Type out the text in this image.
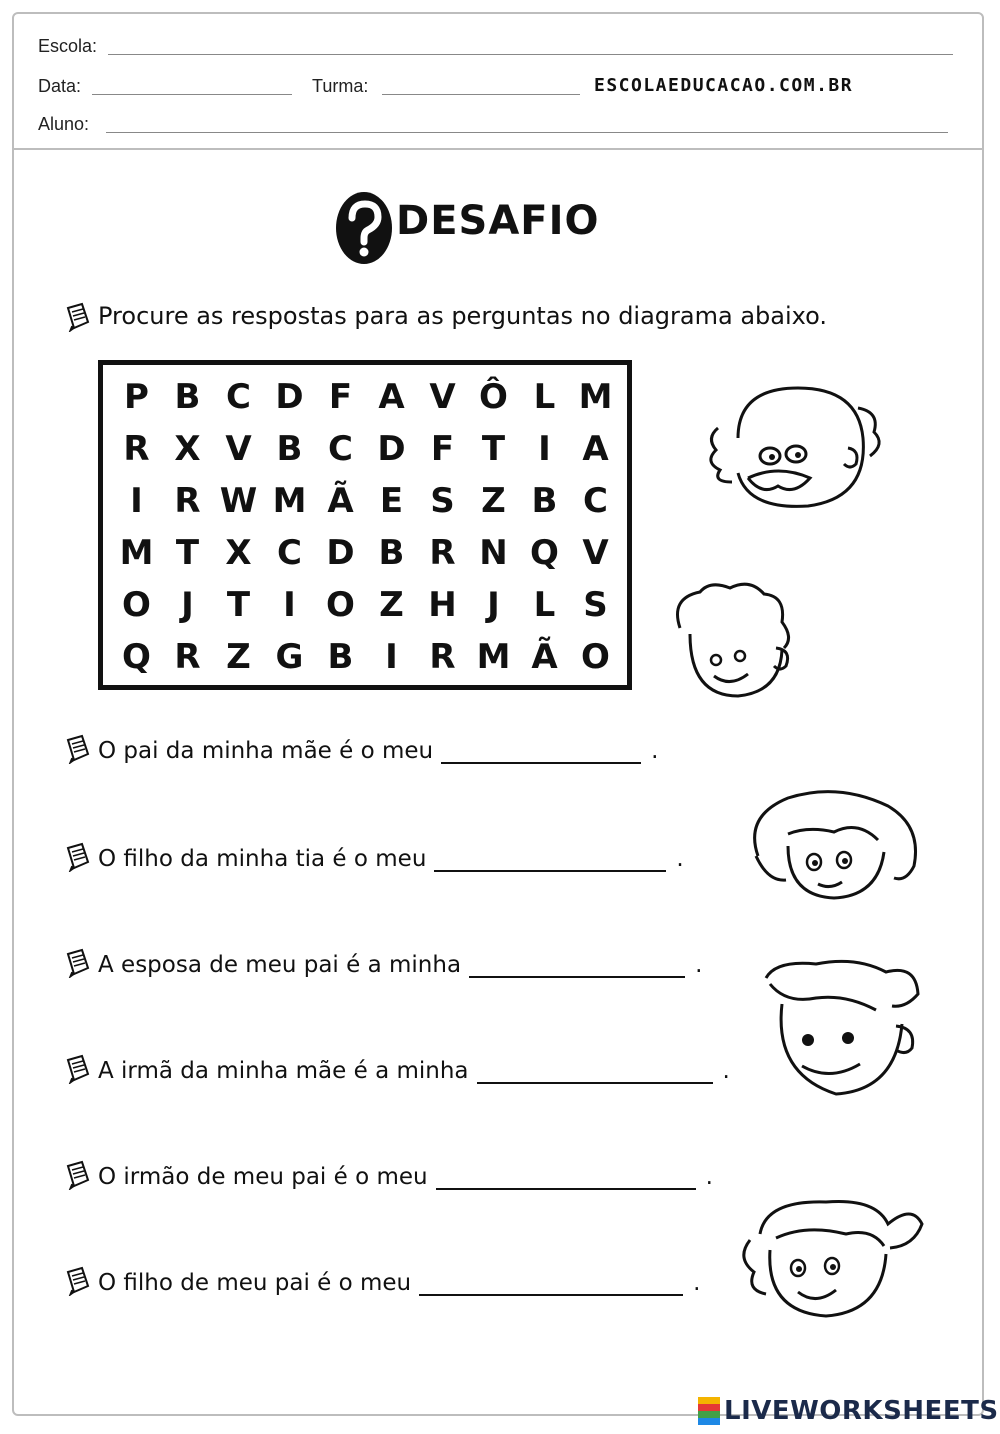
Escola:
Data:	Turma:	ESCOLAEDUCACAO.COM.BR
Aluno:
DESAFIO
Procure as respostas para as perguntas no diagrama abaixo.
P B C D F A V Ô L M
R X V B C D F T I A
I R W M Ã E S Z B C
M T X C D B R N Q V
O J T I O Z H J L S
Q R Z G B I R M Ã O
O pai da minha mãe é o meu	.
O filho da minha tia é o meu	.
A esposa de meu pai é a minha	.
A irmã da minha mãe é a minha	.
O irmão de meu pai é o meu	.
O filho de meu pai é o meu	.
LIVEWORKSHEETS
